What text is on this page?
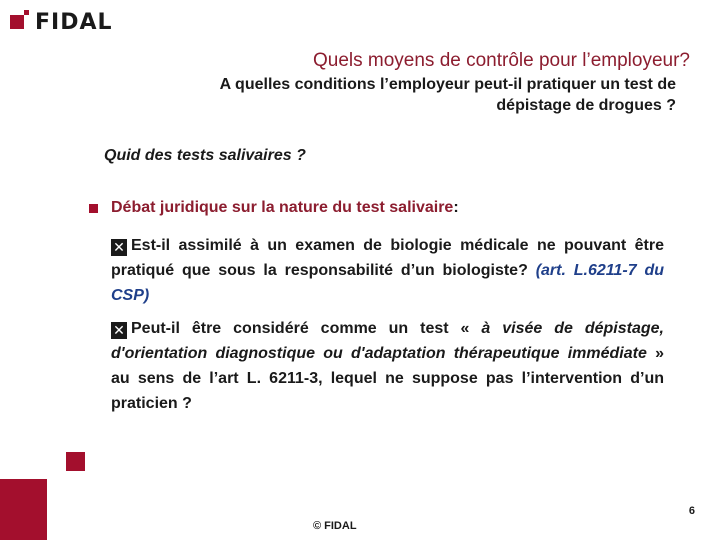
FIDAL
Quels moyens de contrôle pour l’employeur?
A quelles conditions l’employeur peut-il pratiquer un test de dépistage de drogues ?
Quid des tests salivaires ?
Débat juridique sur la nature du test salivaire:
✕ Est-il assimilé à un examen de biologie médicale ne pouvant être pratiqué que sous la responsabilité d’un biologiste? (art. L.6211-7 du CSP)
✕ Peut-il être considéré comme un test « à visée de dépistage, d'orientation diagnostique ou d'adaptation thérapeutique immédiate » au sens de l’art L. 6211-3, lequel ne suppose pas l’intervention d’un praticien ?
6
© FIDAL
